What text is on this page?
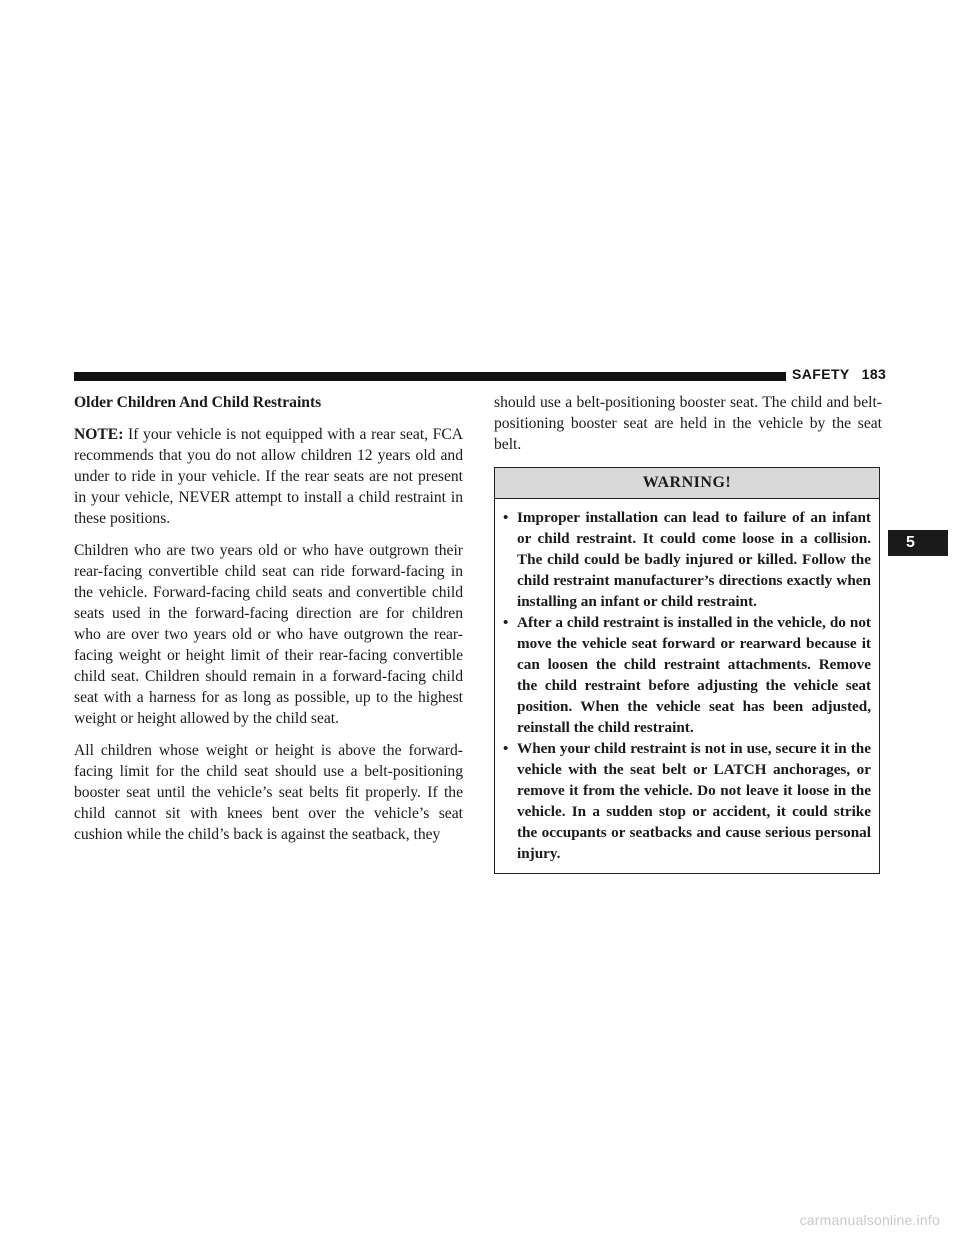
SAFETY 183
Older Children And Child Restraints

NOTE: If your vehicle is not equipped with a rear seat, FCA recommends that you do not allow children 12 years old and under to ride in your vehicle. If the rear seats are not present in your vehicle, NEVER attempt to install a child restraint in these positions.

Children who are two years old or who have outgrown their rear-facing convertible child seat can ride forward-facing in the vehicle. Forward-facing child seats and convertible child seats used in the forward-facing direction are for children who are over two years old or who have outgrown the rear-facing weight or height limit of their rear-facing convertible child seat. Children should remain in a forward-facing child seat with a harness for as long as possible, up to the highest weight or height allowed by the child seat.

All children whose weight or height is above the forward-facing limit for the child seat should use a belt-positioning booster seat until the vehicle’s seat belts fit properly. If the child cannot sit with knees bent over the vehicle’s seat cushion while the child’s back is against the seatback, they

should use a belt-positioning booster seat. The child and belt-positioning booster seat are held in the vehicle by the seat belt.

WARNING!
• Improper installation can lead to failure of an infant or child restraint. It could come loose in a collision. The child could be badly injured or killed. Follow the child restraint manufacturer’s directions exactly when installing an infant or child restraint.
• After a child restraint is installed in the vehicle, do not move the vehicle seat forward or rearward because it can loosen the child restraint attachments. Remove the child restraint before adjusting the vehicle seat position. When the vehicle seat has been adjusted, reinstall the child restraint.
• When your child restraint is not in use, secure it in the vehicle with the seat belt or LATCH anchorages, or remove it from the vehicle. Do not leave it loose in the vehicle. In a sudden stop or accident, it could strike the occupants or seatbacks and cause serious personal injury.
5
carmanualsonline.info
